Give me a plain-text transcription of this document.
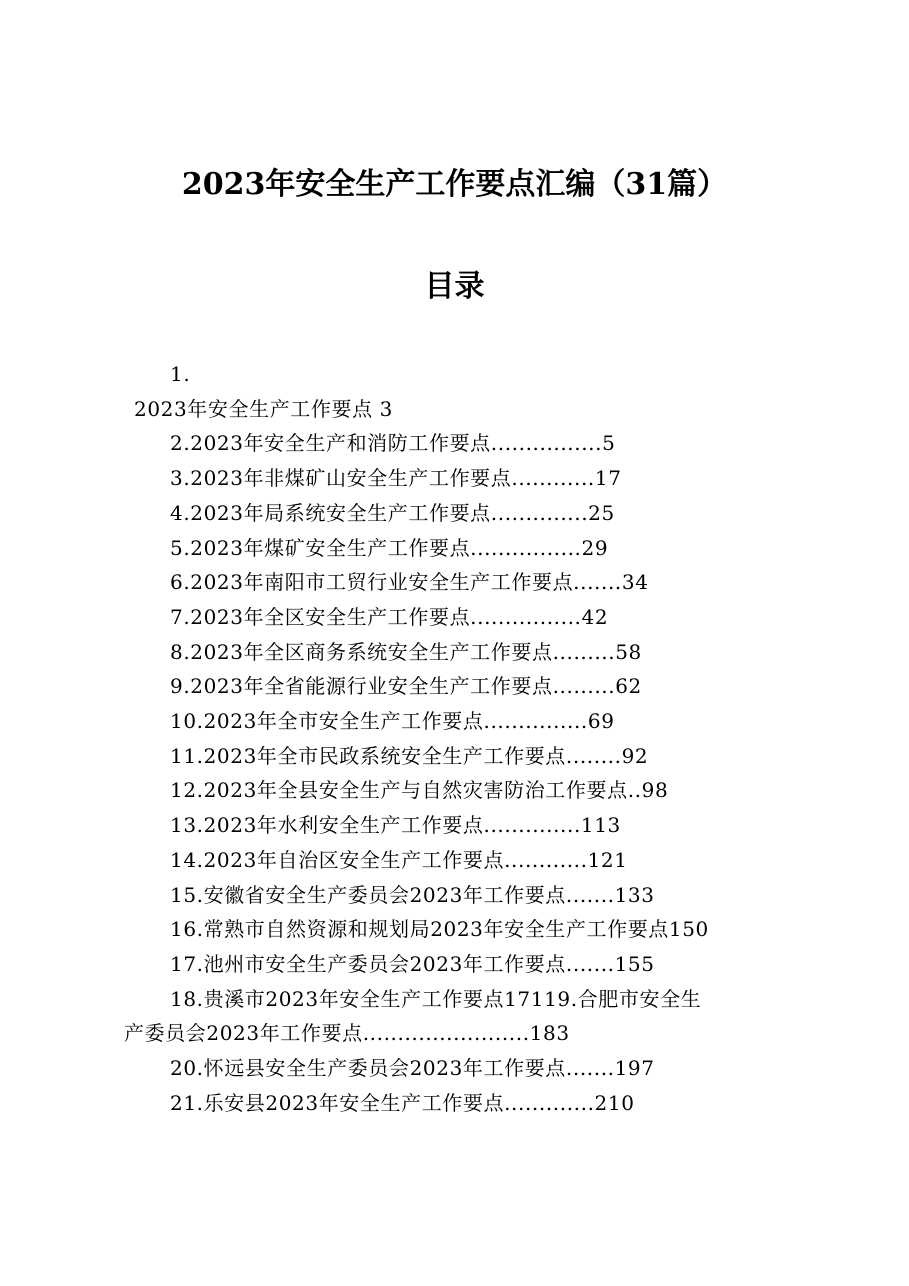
2023年安全生产工作要点汇编（31篇）
目录
1.
2023年安全生产工作要点 3
2.2023年安全生产和消防工作要点................5
3.2023年非煤矿山安全生产工作要点............17
4.2023年局系统安全生产工作要点..............25
5.2023年煤矿安全生产工作要点................29
6.2023年南阳市工贸行业安全生产工作要点.......34
7.2023年全区安全生产工作要点................42
8.2023年全区商务系统安全生产工作要点.........58
9.2023年全省能源行业安全生产工作要点.........62
10.2023年全市安全生产工作要点...............69
11.2023年全市民政系统安全生产工作要点........92
12.2023年全县安全生产与自然灾害防治工作要点..98
13.2023年水利安全生产工作要点..............113
14.2023年自治区安全生产工作要点............121
15.安徽省安全生产委员会2023年工作要点.......133
16.常熟市自然资源和规划局2023年安全生产工作要点150
17.池州市安全生产委员会2023年工作要点.......155
18.贵溪市2023年安全生产工作要点17119.合肥市安全生
产委员会2023年工作要点........................183
20.怀远县安全生产委员会2023年工作要点.......197
21.乐安县2023年安全生产工作要点.............210
